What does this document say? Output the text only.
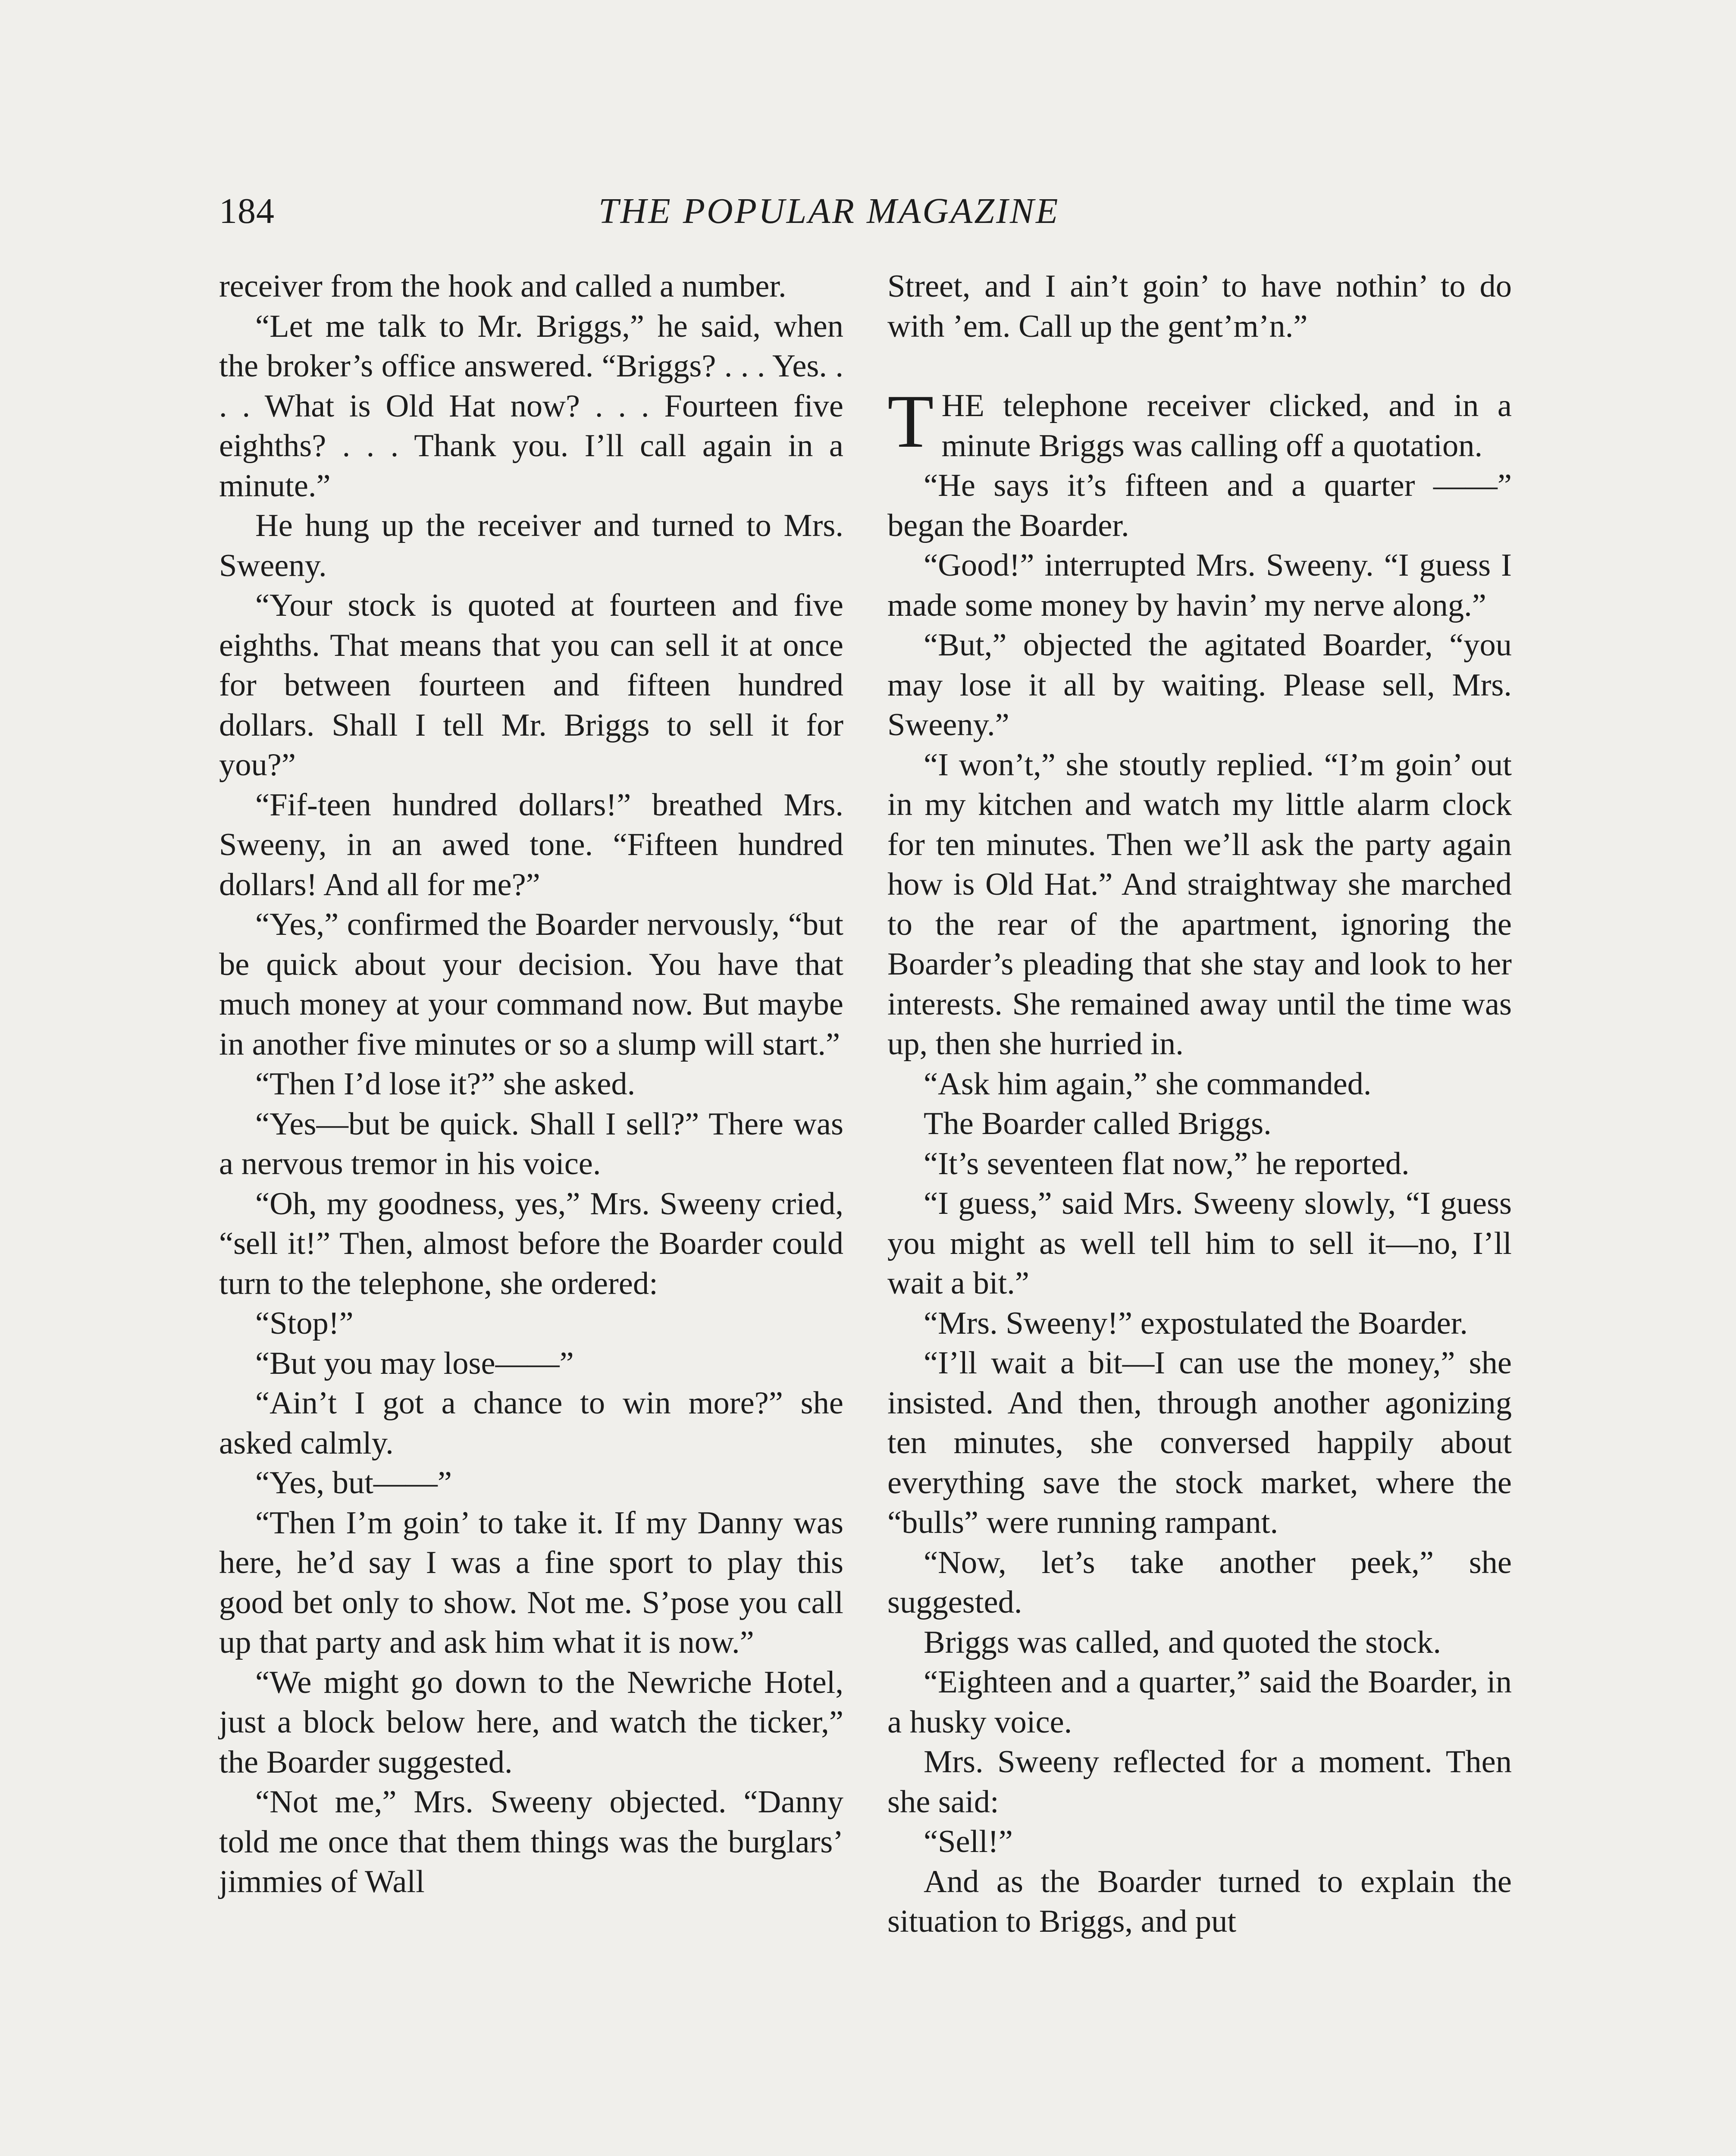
184	THE POPULAR MAGAZINE

receiver from the hook and called a number.

“Let me talk to Mr. Briggs,” he said, when the broker’s office answered. “Briggs? . . . Yes. . . . What is Old Hat now? . . . Fourteen five eighths? . . . Thank you. I’ll call again in a minute.”

He hung up the receiver and turned to Mrs. Sweeny.

“Your stock is quoted at fourteen and five eighths. That means that you can sell it at once for between fourteen and fifteen hundred dollars. Shall I tell Mr. Briggs to sell it for you?”

“Fif-teen hundred dollars!” breathed Mrs. Sweeny, in an awed tone. “Fifteen hundred dollars! And all for me?”

“Yes,” confirmed the Boarder nervously, “but be quick about your decision. You have that much money at your command now. But maybe in another five minutes or so a slump will start.”

“Then I’d lose it?” she asked.

“Yes—but be quick. Shall I sell?” There was a nervous tremor in his voice.

“Oh, my goodness, yes,” Mrs. Sweeny cried, “sell it!” Then, almost before the Boarder could turn to the telephone, she ordered:

“Stop!”

“But you may lose——”

“Ain’t I got a chance to win more?” she asked calmly.

“Yes, but——”

“Then I’m goin’ to take it. If my Danny was here, he’d say I was a fine sport to play this good bet only to show. Not me. S’pose you call up that party and ask him what it is now.”

“We might go down to the Newriche Hotel, just a block below here, and watch the ticker,” the Boarder suggested.

“Not me,” Mrs. Sweeny objected. “Danny told me once that them things was the burglars’ jimmies of Wall

Street, and I ain’t goin’ to have nothin’ to do with ’em. Call up the gent’m’n.”

THE telephone receiver clicked, and in a minute Briggs was calling off a quotation.

“He says it’s fifteen and a quarter ——” began the Boarder.

“Good!” interrupted Mrs. Sweeny. “I guess I made some money by havin’ my nerve along.”

“But,” objected the agitated Boarder, “you may lose it all by waiting. Please sell, Mrs. Sweeny.”

“I won’t,” she stoutly replied. “I’m goin’ out in my kitchen and watch my little alarm clock for ten minutes. Then we’ll ask the party again how is Old Hat.” And straightway she marched to the rear of the apartment, ignoring the Boarder’s pleading that she stay and look to her interests. She remained away until the time was up, then she hurried in.

“Ask him again,” she commanded.

The Boarder called Briggs.

“It’s seventeen flat now,” he reported.

“I guess,” said Mrs. Sweeny slowly, “I guess you might as well tell him to sell it—no, I’ll wait a bit.”

“Mrs. Sweeny!” expostulated the Boarder.

“I’ll wait a bit—I can use the money,” she insisted. And then, through another agonizing ten minutes, she conversed happily about everything save the stock market, where the “bulls” were running rampant.

“Now, let’s take another peek,” she suggested.

Briggs was called, and quoted the stock.

“Eighteen and a quarter,” said the Boarder, in a husky voice.

Mrs. Sweeny reflected for a moment. Then she said:

“Sell!”

And as the Boarder turned to explain the situation to Briggs, and put
